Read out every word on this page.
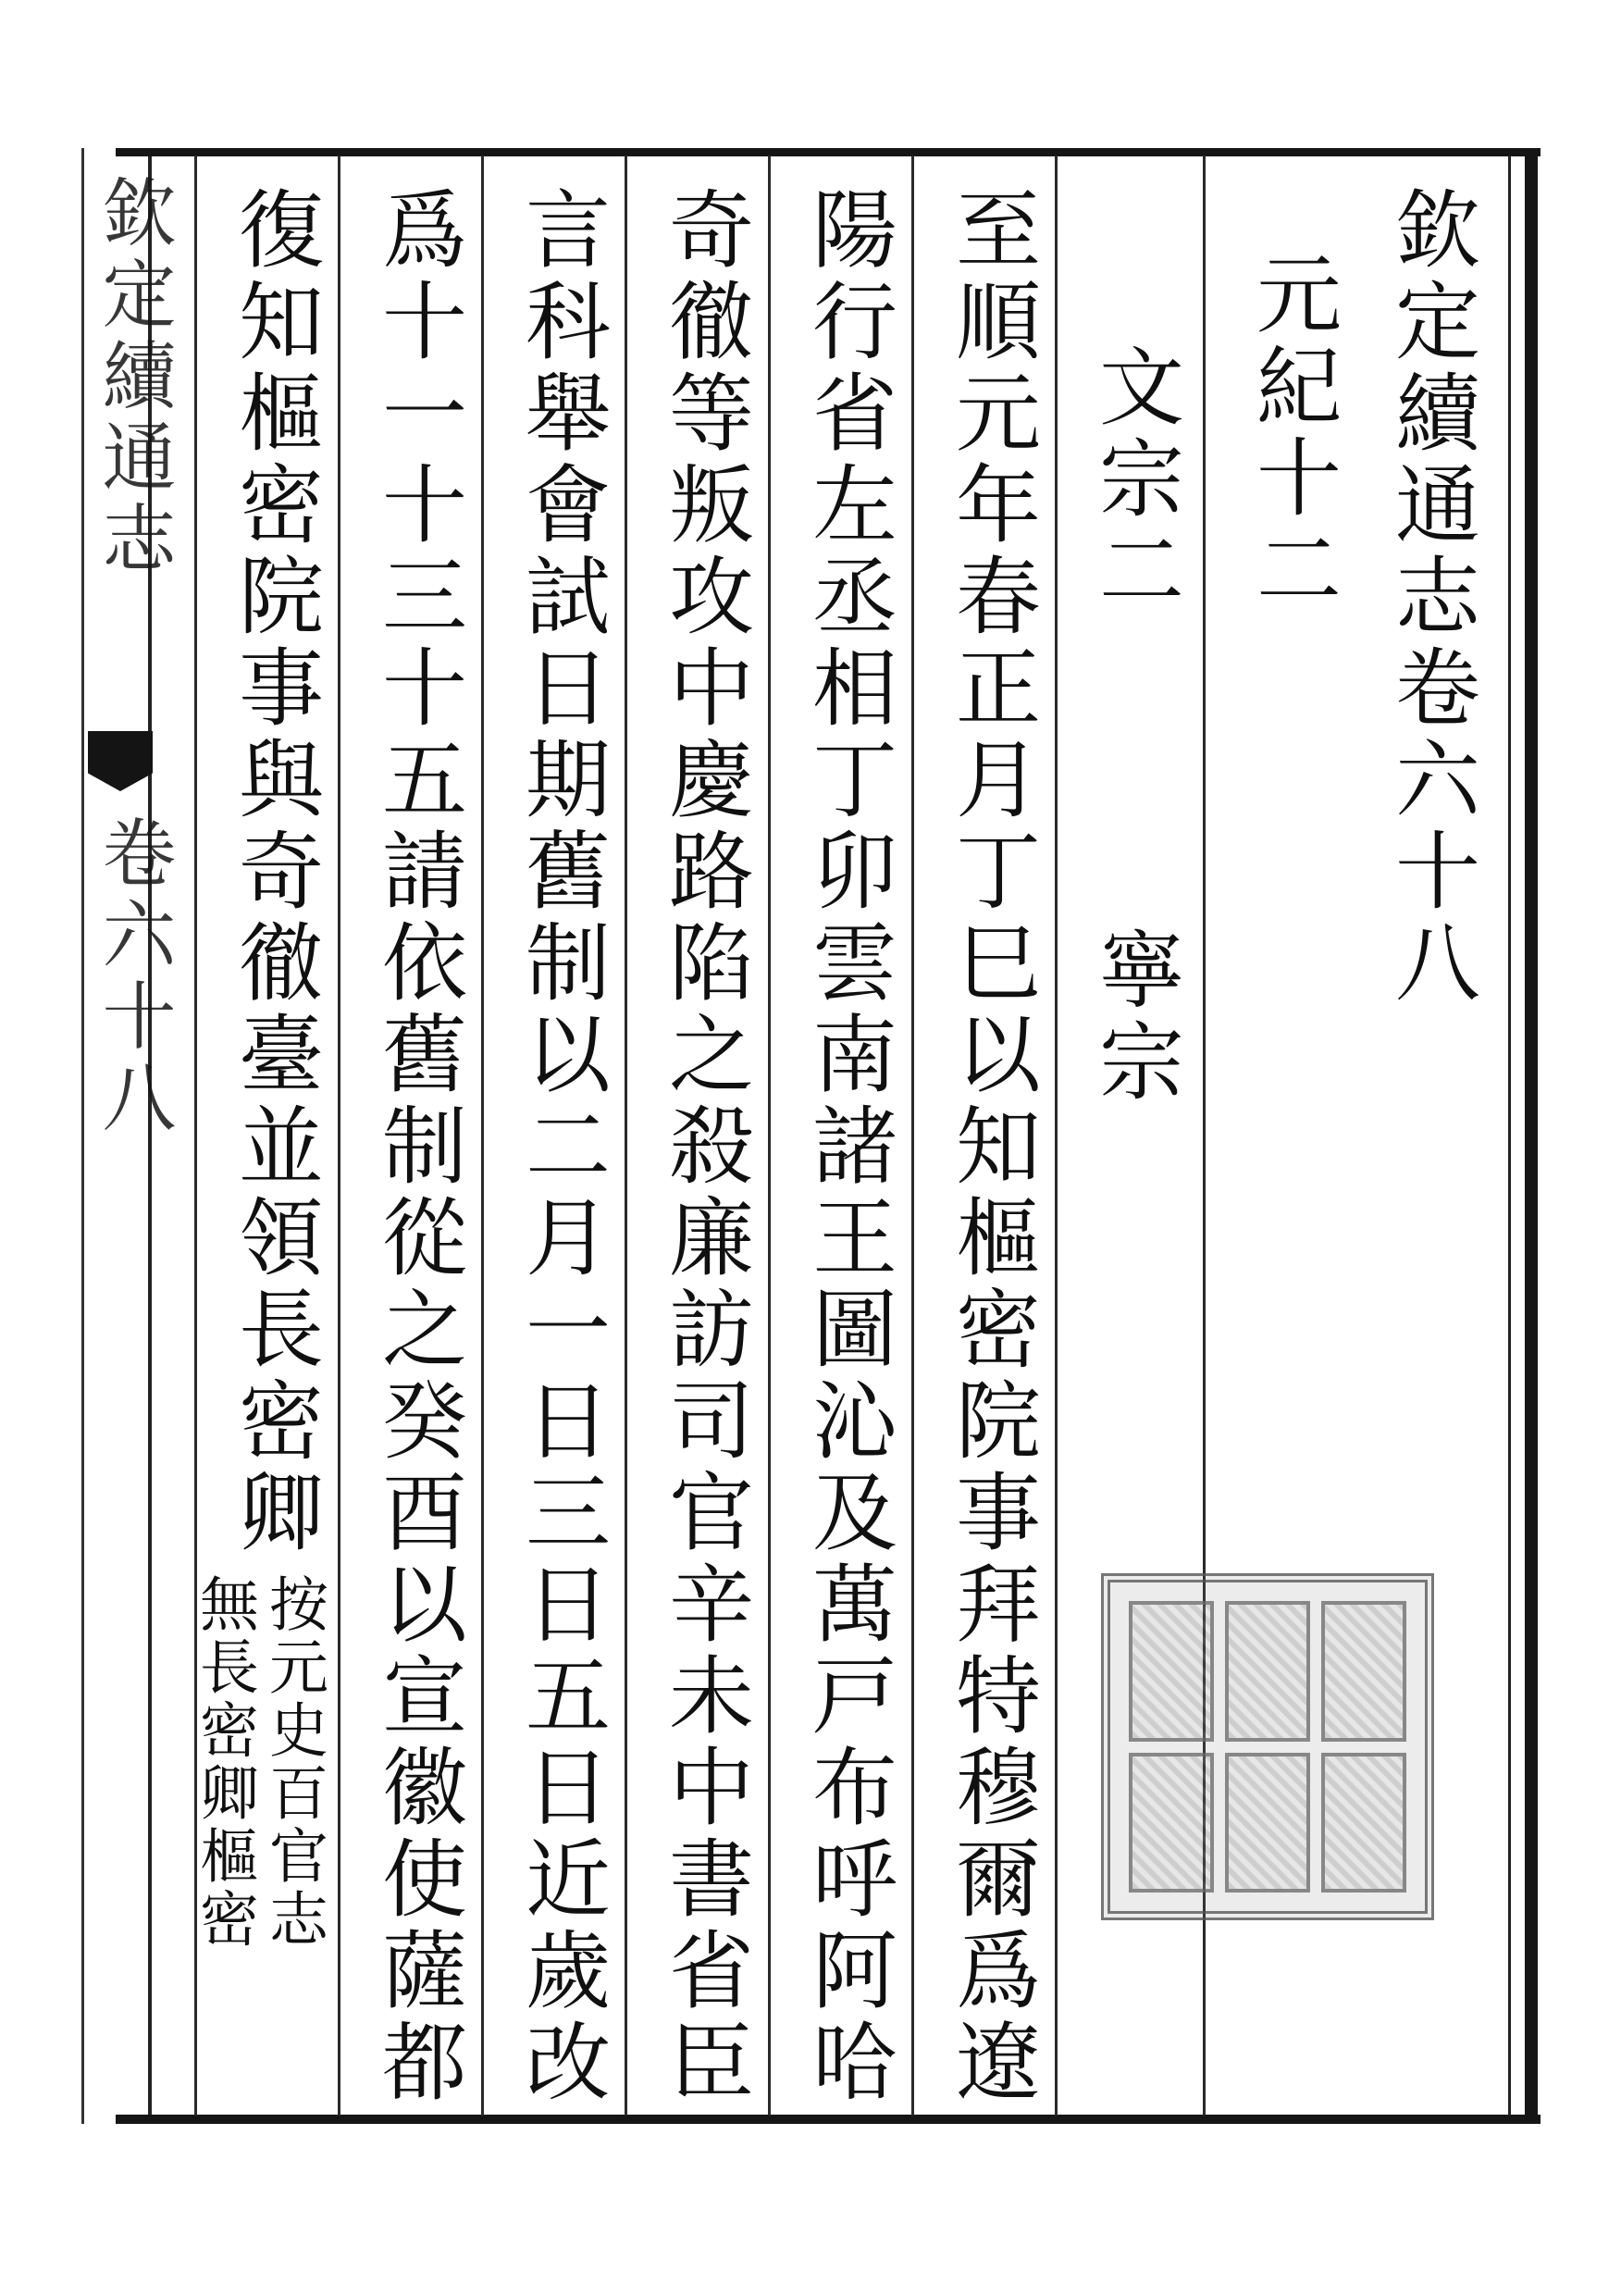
欽定續通志
卷六十八	欽定續通志卷六十八
元紀十二
文宗二
寧宗
至順元年春正月丁巳以知樞密院事拜特穆爾爲遼
陽行省左丞相丁卯雲南諸王圖沁及萬戸布呼阿哈
奇徹等叛攻中慶路陷之殺廉訪司官辛未中書省臣
言科舉會試日期舊制以二月一日三日五日近歲改
爲十一十三十五請依舊制從之癸酉以宣徽使薩都
復知樞密院事與奇徹臺並領長密卿
按元史百官志
無長密卿樞密
